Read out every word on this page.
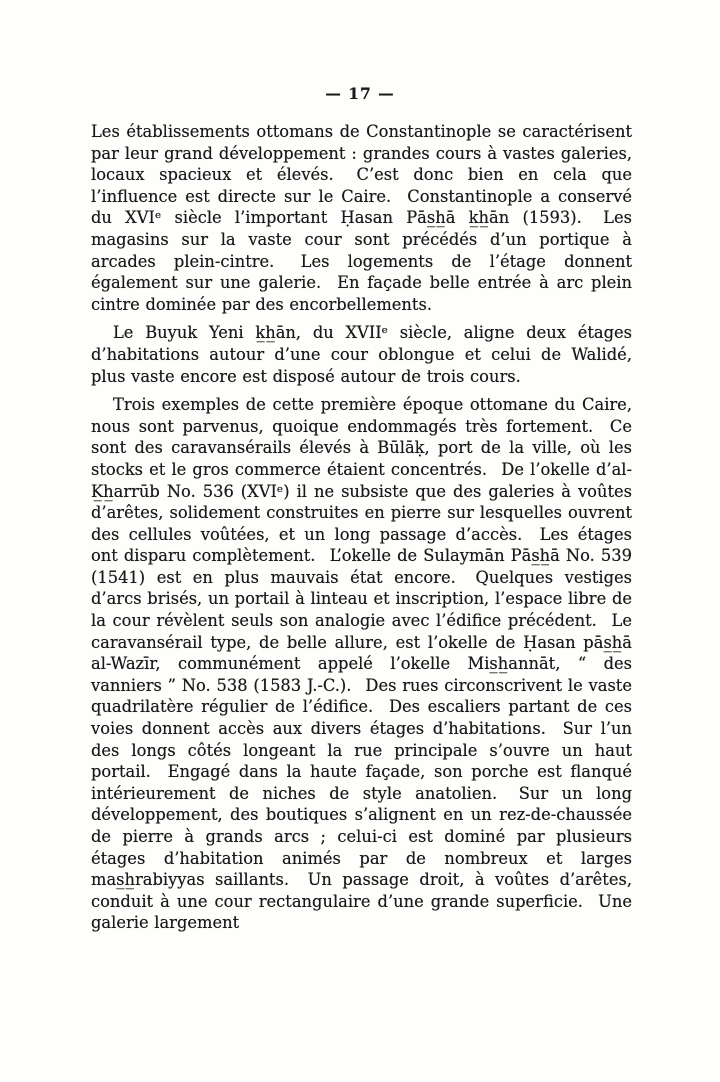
— 17 —

Les établissements ottomans de Constantinople se caractérisent par leur grand développement : grandes cours à vastes galeries, locaux spacieux et élevés.  C’est donc bien en cela que l’influence est directe sur le Caire.  Constantinople a conservé du XVIᵉ siècle l’important Ḥasan Pās̲h̲ā k̲h̲ān (1593).  Les magasins sur la vaste cour sont précédés d’un portique à arcades plein-cintre.  Les logements de l’étage donnent également sur une galerie.  En façade belle entrée à arc plein cintre dominée par des encorbellements.

Le Buyuk Yeni k̲h̲ān, du XVIIᵉ siècle, aligne deux étages d’habitations autour d’une cour oblongue et celui de Walidé, plus vaste encore est disposé autour de trois cours.

Trois exemples de cette première époque ottomane du Caire, nous sont parvenus, quoique endommagés très fortement.  Ce sont des caravansérails élevés à Būlāḳ, port de la ville, où les stocks et le gros commerce étaient concentrés.  De l’okelle d’al-K̲h̲arrūb No. 536 (XVIᵉ) il ne subsiste que des galeries à voûtes d’arêtes, solidement construites en pierre sur lesquelles ouvrent des cellules voûtées, et un long passage d’accès.  Les étages ont disparu complètement.  L’okelle de Sulaymān Pās̲h̲ā No. 539 (1541) est en plus mauvais état encore.  Quelques vestiges d’arcs brisés, un portail à linteau et inscription, l’espace libre de la cour révèlent seuls son analogie avec l’édifice précédent.  Le caravansérail type, de belle allure, est l’okelle de Ḥasan pās̲h̲ā al-Wazīr, communément appelé l’okelle Mis̲h̲annāt, “ des vanniers ” No. 538 (1583 J.-C.).  Des rues circonscrivent le vaste quadrilatère régulier de l’édifice.  Des escaliers partant de ces voies donnent accès aux divers étages d’habitations.  Sur l’un des longs côtés longeant la rue principale s’ouvre un haut portail.  Engagé dans la haute façade, son porche est flanqué intérieurement de niches de style anatolien.  Sur un long développement, des boutiques s’alignent en un rez-de-chaussée de pierre à grands arcs ; celui-ci est dominé par plusieurs étages d’habitation animés par de nombreux et larges mas̲h̲rabiyyas saillants.  Un passage droit, à voûtes d’arêtes, conduit à une cour rectangulaire d’une grande superficie.  Une galerie largement
